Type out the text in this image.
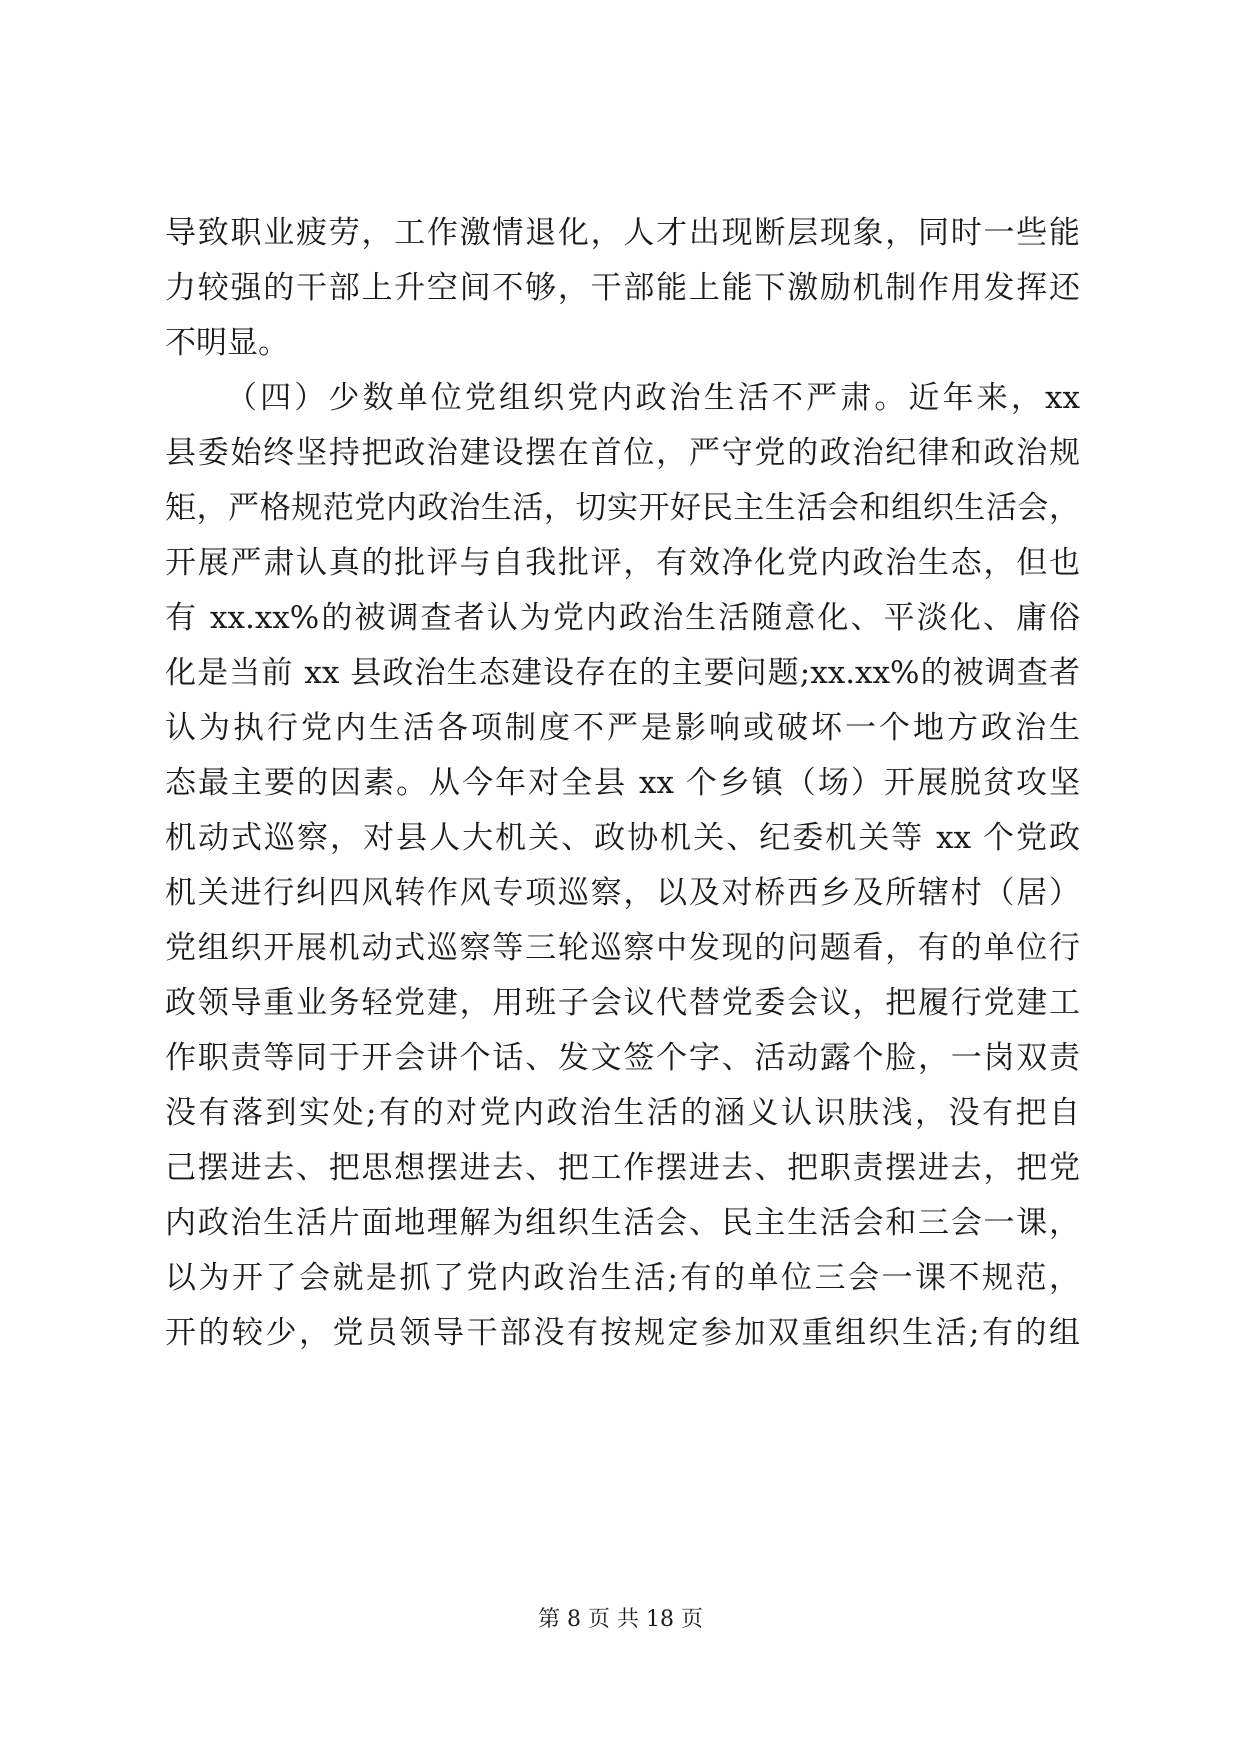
导致职业疲劳，工作激情退化，人才出现断层现象，同时一些能
力较强的干部上升空间不够，干部能上能下激励机制作用发挥还
不明显。
（四）少数单位党组织党内政治生活不严肃。近年来，xx
县委始终坚持把政治建设摆在首位，严守党的政治纪律和政治规
矩，严格规范党内政治生活，切实开好民主生活会和组织生活会，
开展严肃认真的批评与自我批评，有效净化党内政治生态，但也
有 xx.xx%的被调查者认为党内政治生活随意化、平淡化、庸俗
化是当前 xx 县政治生态建设存在的主要问题;xx.xx%的被调查者
认为执行党内生活各项制度不严是影响或破坏一个地方政治生
态最主要的因素。从今年对全县 xx 个乡镇（场）开展脱贫攻坚
机动式巡察，对县人大机关、政协机关、纪委机关等 xx 个党政
机关进行纠四风转作风专项巡察，以及对桥西乡及所辖村（居）
党组织开展机动式巡察等三轮巡察中发现的问题看，有的单位行
政领导重业务轻党建，用班子会议代替党委会议，把履行党建工
作职责等同于开会讲个话、发文签个字、活动露个脸，一岗双责
没有落到实处;有的对党内政治生活的涵义认识肤浅，没有把自
己摆进去、把思想摆进去、把工作摆进去、把职责摆进去，把党
内政治生活片面地理解为组织生活会、民主生活会和三会一课，
以为开了会就是抓了党内政治生活;有的单位三会一课不规范，
开的较少，党员领导干部没有按规定参加双重组织生活;有的组
第 8 页 共 18 页
